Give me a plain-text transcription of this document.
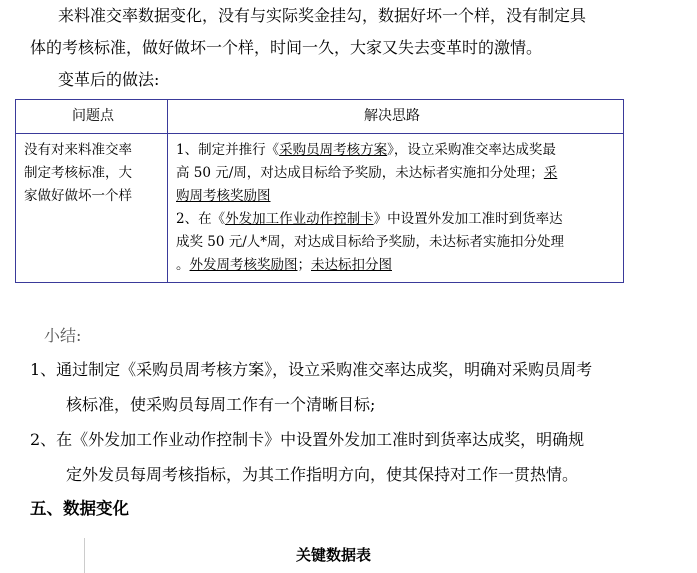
来料准交率数据变化，没有与实际奖金挂勾，数据好坏一个样，没有制定具
体的考核标准，做好做坏一个样，时间一久，大家又失去变革时的激情。
变革后的做法:
问题点	解决思路
没有对来料准交率
制定考核标准，大
家做好做坏一个样
1、制定并推行《采购员周考核方案》，设立采购准交率达成奖最
高 50 元/周，对达成目标给予奖励，未达标者实施扣分处理；采
购周考核奖励图
2、在《外发加工作业动作控制卡》中设置外发加工准时到货率达
成奖 50 元/人*周，对达成目标给予奖励，未达标者实施扣分处理
。外发周考核奖励图；未达标扣分图
小结:
1、通过制定《采购员周考核方案》，设立采购准交率达成奖，明确对采购员周考
核标准，使采购员每周工作有一个清晰目标;
2、在《外发加工作业动作控制卡》中设置外发加工准时到货率达成奖，明确规
定外发员每周考核指标，为其工作指明方向，使其保持对工作一贯热情。
五、数据变化
关键数据表
